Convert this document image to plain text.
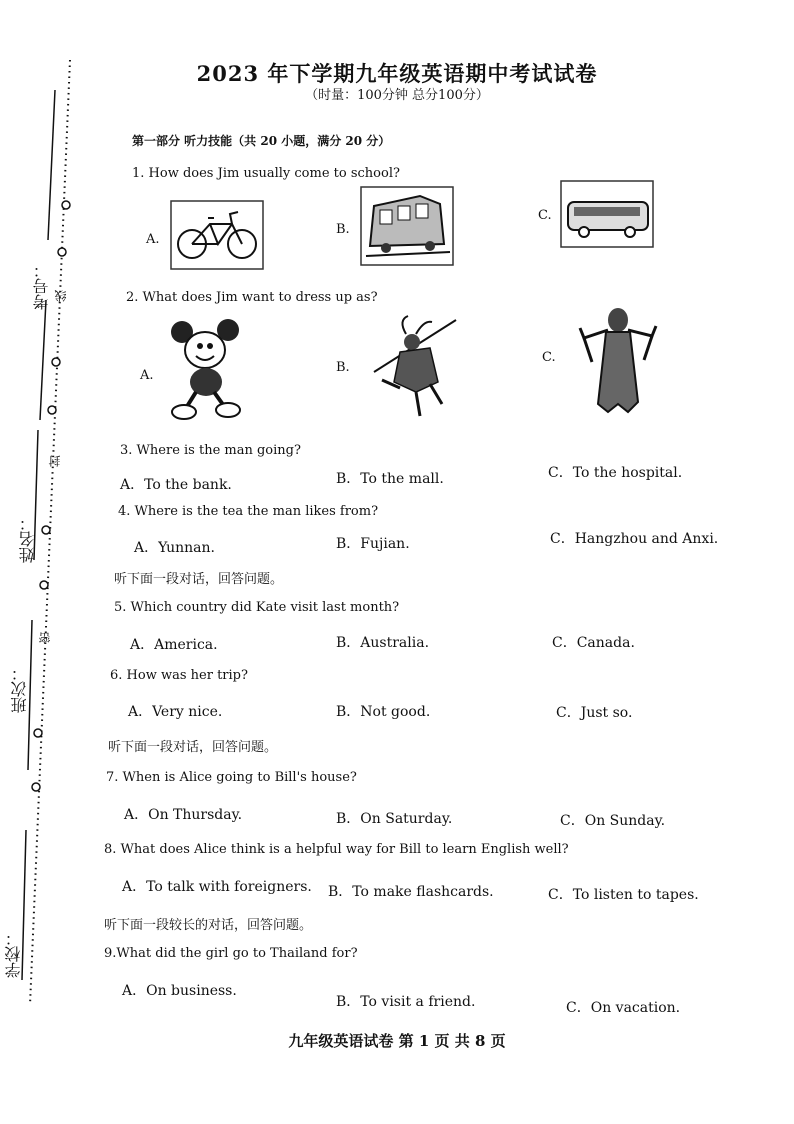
考号：
姓名：
班次：
学校：
线
封
密
2023 年下学期九年级英语期中考试试卷
（时量：100分钟 总分100分）
第一部分 听力技能（共 20 小题，满分 20 分）
1. How does Jim usually come to school?
A.
B.
C.
2. What does Jim want to dress up as?
A.
B.
C.
3. Where is the man going?
A．To the bank.	B．To the mall.	C．To the hospital.
4. Where is the tea the man likes from?
A．Yunnan.	B．Fujian.	C．Hangzhou and Anxi.
听下面一段对话，回答问题。
5. Which country did Kate visit last month?
A．America.	B．Australia.	C．Canada.
6. How was her trip?
A．Very nice.	B．Not good.	C．Just so.
听下面一段对话，回答问题。
7. When is Alice going to Bill's house?
A．On Thursday.	B．On Saturday.	C．On Sunday.
8. What does Alice think is a helpful way for Bill to learn English well?
A．To talk with foreigners. B．To make flashcards.	C．To listen to tapes.
听下面一段较长的对话，回答问题。
9.What did the girl go to Thailand for?
A．On business.
B．To visit a friend.	C．On vacation.
九年级英语试卷 第 1 页 共 8 页
